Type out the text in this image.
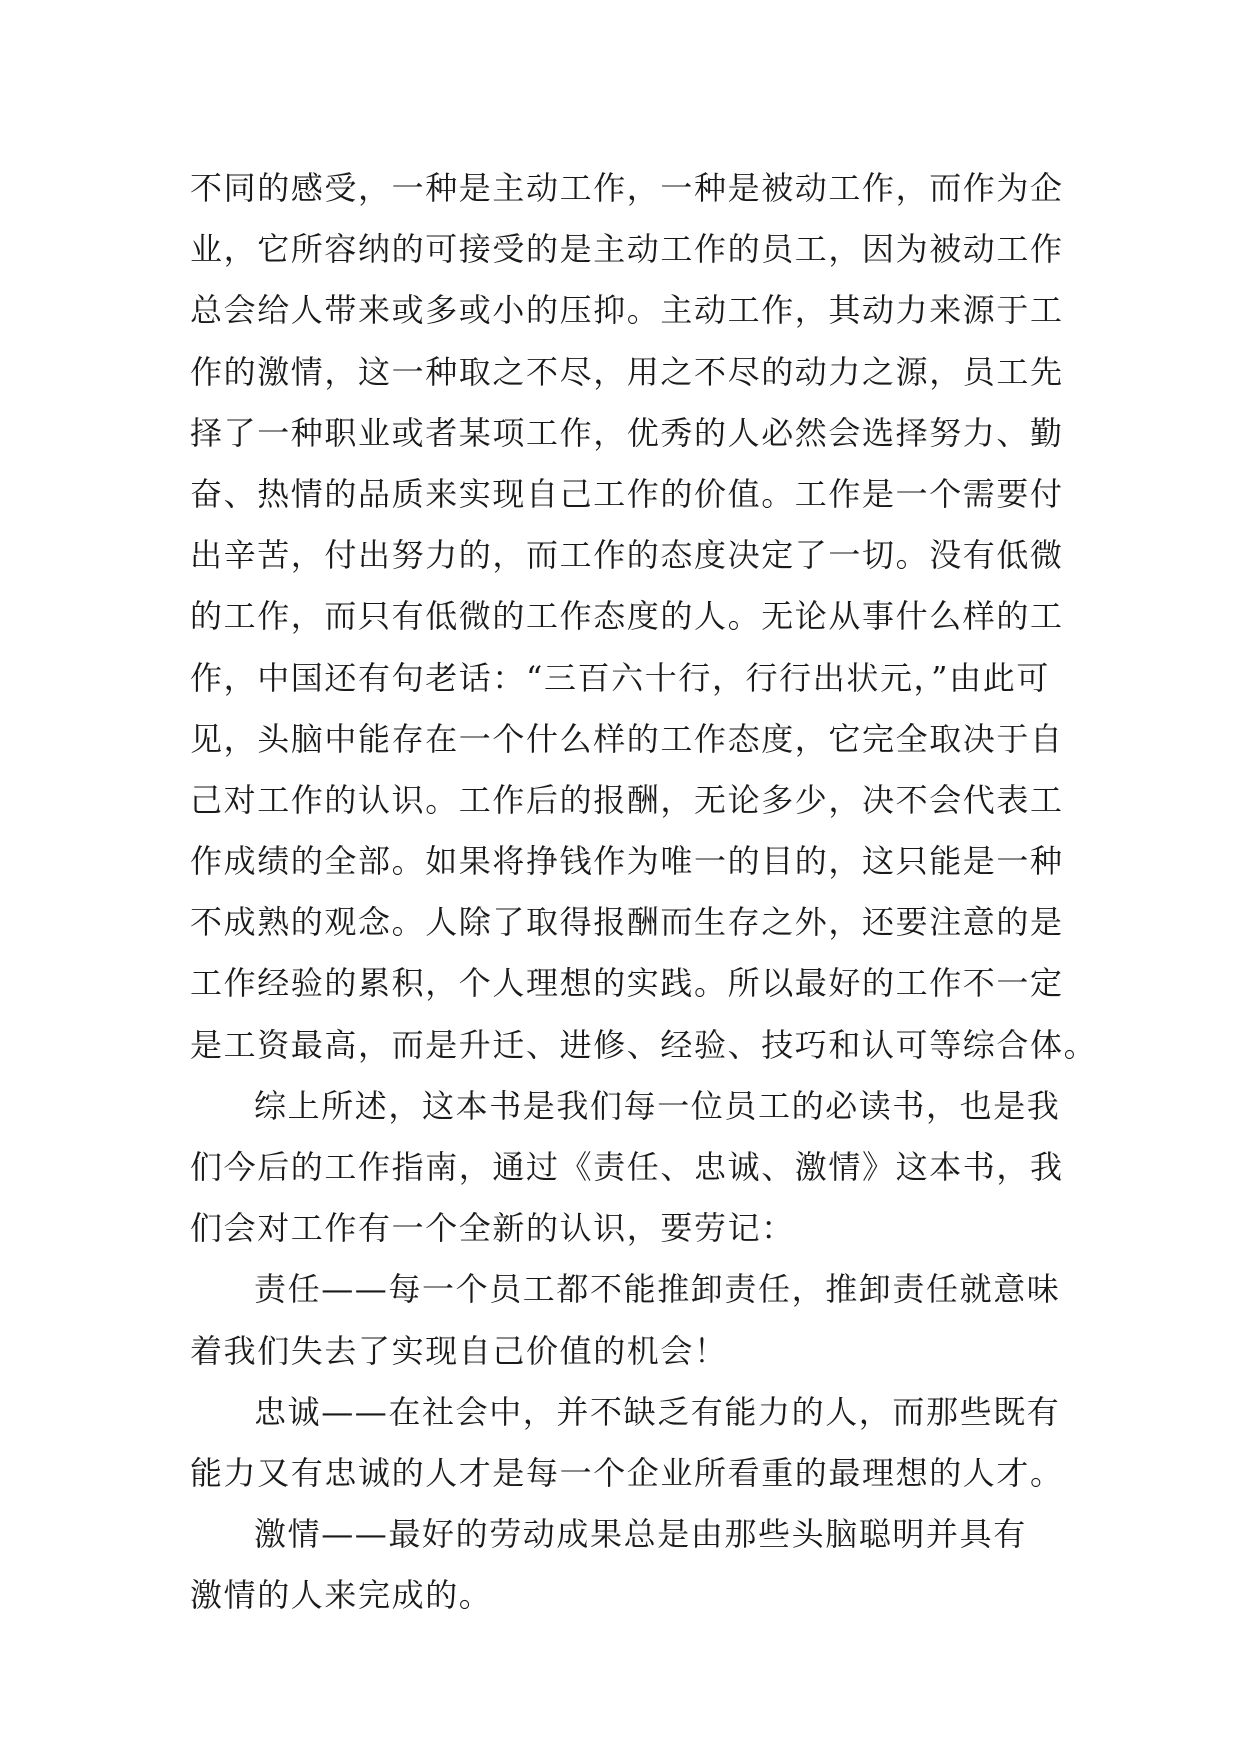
不同的感受，一种是主动工作，一种是被动工作，而作为企
业，它所容纳的可接受的是主动工作的员工，因为被动工作
总会给人带来或多或小的压抑。主动工作，其动力来源于工
作的激情，这一种取之不尽，用之不尽的动力之源，员工先
择了一种职业或者某项工作，优秀的人必然会选择努力、勤
奋、热情的品质来实现自己工作的价值。工作是一个需要付
出辛苦，付出努力的，而工作的态度决定了一切。没有低微
的工作，而只有低微的工作态度的人。无论从事什么样的工
作，中国还有句老话：“三百六十行，行行出状元，”由此可
见，头脑中能存在一个什么样的工作态度，它完全取决于自
己对工作的认识。工作后的报酬，无论多少，决不会代表工
作成绩的全部。如果将挣钱作为唯一的目的，这只能是一种
不成熟的观念。人除了取得报酬而生存之外，还要注意的是
工作经验的累积，个人理想的实践。所以最好的工作不一定
是工资最高，而是升迁、进修、经验、技巧和认可等综合体。
综上所述，这本书是我们每一位员工的必读书，也是我
们今后的工作指南，通过《责任、忠诚、激情》这本书，我
们会对工作有一个全新的认识，要劳记：
责任——每一个员工都不能推卸责任，推卸责任就意味
着我们失去了实现自己价值的机会！
忠诚——在社会中，并不缺乏有能力的人，而那些既有
能力又有忠诚的人才是每一个企业所看重的最理想的人才。
激情——最好的劳动成果总是由那些头脑聪明并具有
激情的人来完成的。
